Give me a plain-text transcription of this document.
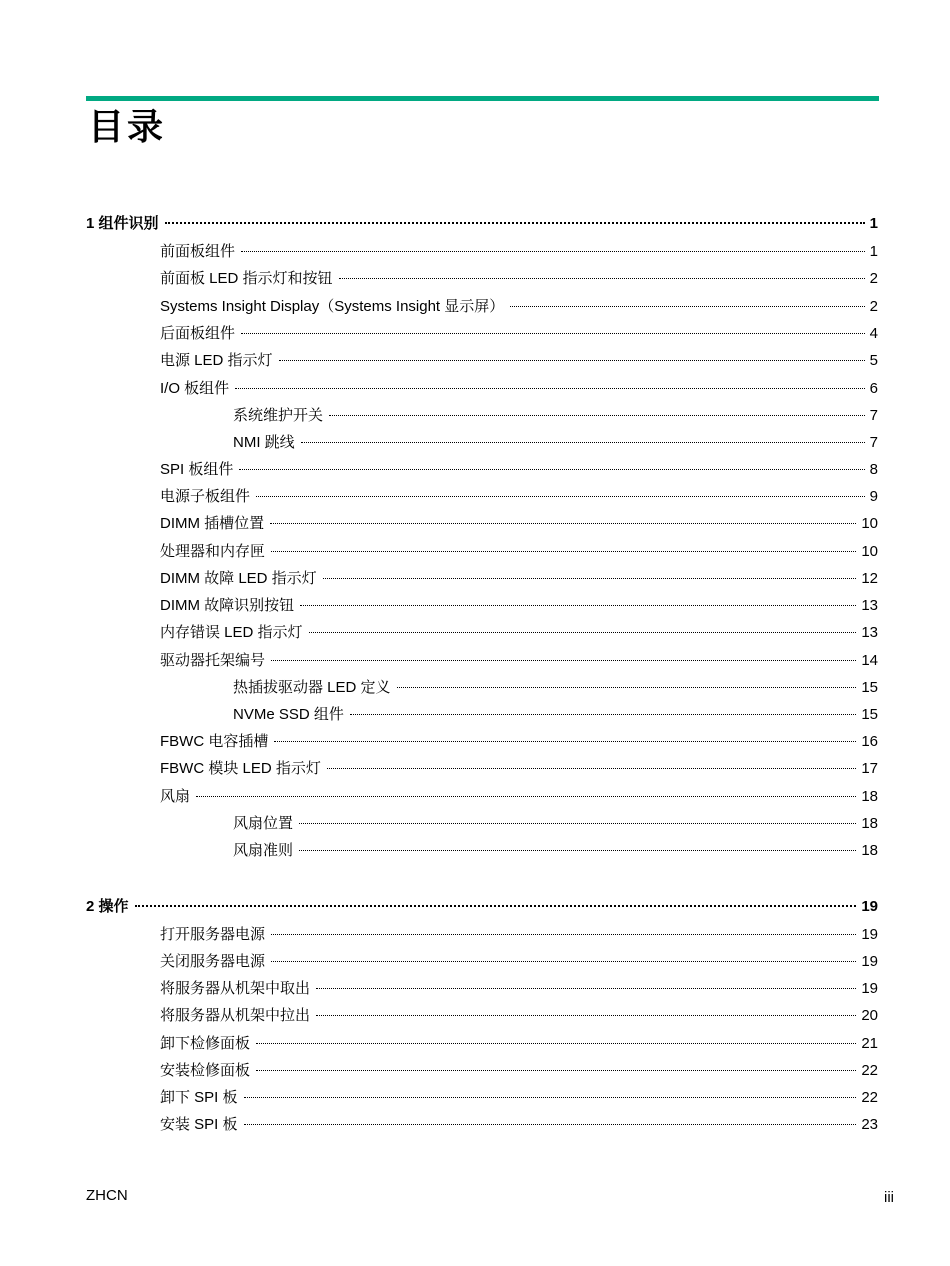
目录
1 组件识别	1
前面板组件	1
前面板 LED 指示灯和按钮	2
Systems Insight Display（Systems Insight 显示屏）	2
后面板组件	4
电源 LED 指示灯	5
I/O 板组件	6
系统维护开关	7
NMI 跳线	7
SPI 板组件	8
电源子板组件	9
DIMM 插槽位置	10
处理器和内存匣	10
DIMM 故障 LED 指示灯	12
DIMM 故障识别按钮	13
内存错误 LED 指示灯	13
驱动器托架编号	14
热插拔驱动器 LED 定义	15
NVMe SSD 组件	15
FBWC 电容插槽	16
FBWC 模块 LED 指示灯	17
风扇	18
风扇位置	18
风扇准则	18
2 操作	19
打开服务器电源	19
关闭服务器电源	19
将服务器从机架中取出	19
将服务器从机架中拉出	20
卸下检修面板	21
安装检修面板	22
卸下 SPI 板	22
安装 SPI 板	23
ZHCN	iii
